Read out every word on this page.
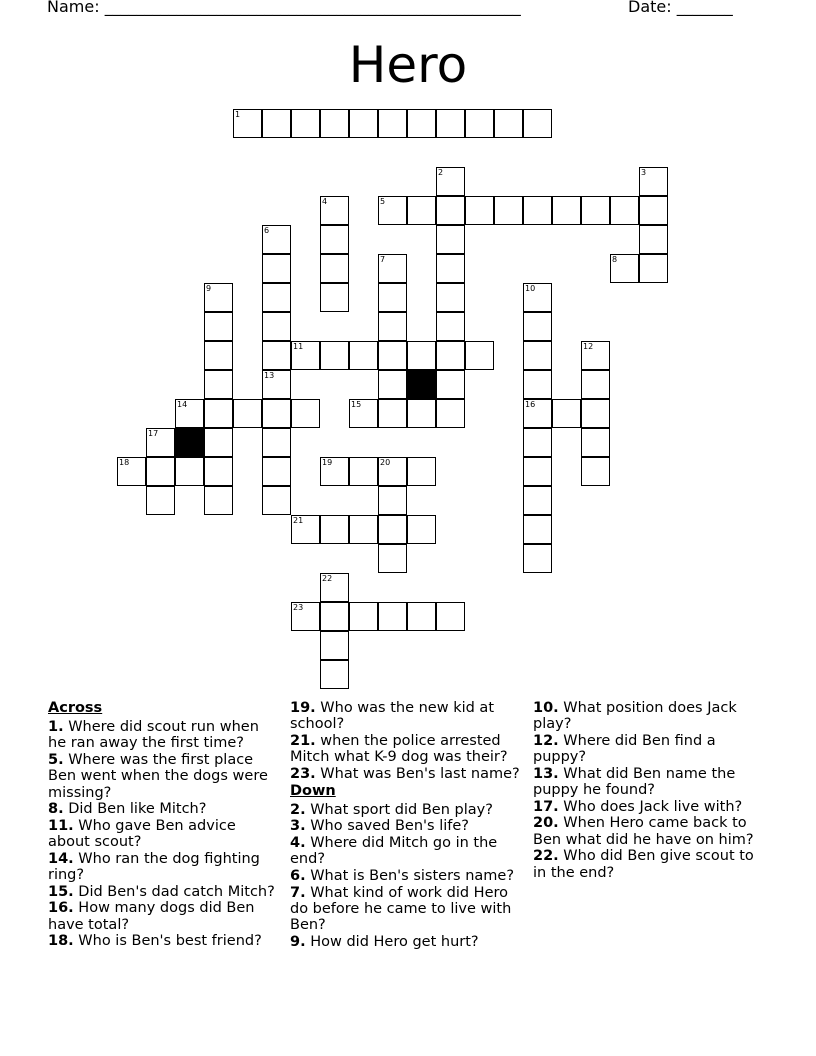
Name: ____________________________________________________	Date: _______
Hero
1
2	3
4	5
6
7	8
9	10
16
11	12
13
14	15
17
18	19	20
21
22
23
Across
1. Where did scout run when he ran away the first time?
5. Where was the first place Ben went when the dogs were missing?
8. Did Ben like Mitch?
11. Who gave Ben advice about scout?
14. Who ran the dog fighting ring?
15. Did Ben's dad catch Mitch?
16. How many dogs did Ben have total?
18. Who is Ben's best friend?
19. Who was the new kid at school?
21. when the police arrested Mitch what K-9 dog was their?
23. What was Ben's last name?
Down
2. What sport did Ben play?
3. Who saved Ben's life?
4. Where did Mitch go in the end?
6. What is Ben's sisters name?
7. What kind of work did Hero do before he came to live with Ben?
9. How did Hero get hurt?
10. What position does Jack play?
12. Where did Ben find a puppy?
13. What did Ben name the puppy he found?
17. Who does Jack live with?
20. When Hero came back to Ben what did he have on him?
22. Who did Ben give scout to in the end?
